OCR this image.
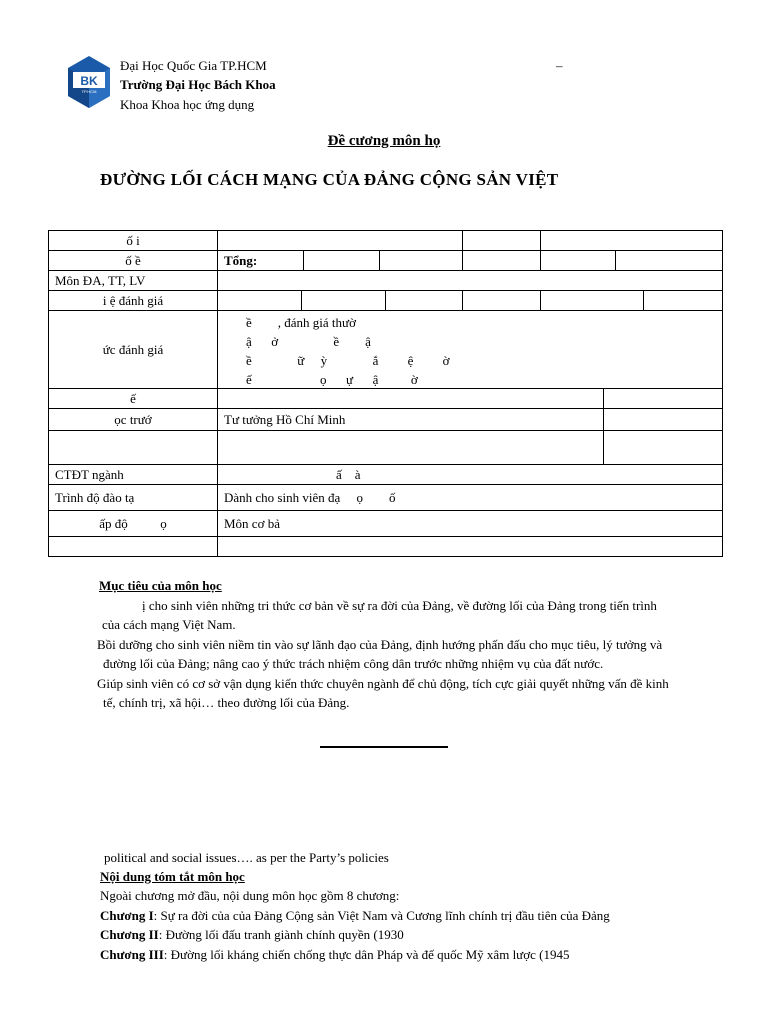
BK
TP.HCM
Đại Học Quốc Gia TP.HCM
Trường Đại Học Bách Khoa
Khoa Khoa học ứng dụng
–
Đề cương môn họ
ĐƯỜNG LỐI CÁCH MẠNG CỦA ĐẢNG CỘNG SẢN VIỆT
ố i
ố ề	Tổng:
Môn ĐA, TT, LV
i ệ đánh giá
ức đánh giá
ề        , đánh giá thườ
ậ      ở                 ề        ậ
ề              ữ     ỳ              ắ         ệ         ờ
ế                     ọ      ự      ậ          ờ
ế
ọc trướ	Tư tưởng Hồ Chí Minh
CTĐT ngành	ấ    à
Trình độ đào tạ	Dành cho sinh viên đạ     ọ        ố
ấp độ          ọ	Môn cơ bả
Mục tiêu của môn học
ị cho sinh viên những tri thức cơ bản về sự ra đời của Đảng, về đường lối của Đảng trong tiến trình
của cách mạng Việt Nam.
Bồi dưỡng cho sinh viên niềm tin vào sự lãnh đạo của Đảng, định hướng phấn đấu cho mục tiêu, lý tưởng và
đường lối của Đảng; nâng cao ý thức trách nhiệm công dân trước những nhiệm vụ của đất nước.
Giúp sinh viên có cơ sở vận dụng kiến thức chuyên ngành để chủ động, tích cực giải quyết những vấn đề kinh
tế, chính trị, xã hội… theo đường lối của Đảng.
political and social issues…. as per the Party’s policies
Nội dung tóm tắt môn học
Ngoài chương mở đầu, nội dung môn học gồm 8 chương:
Chương I: Sự ra đời của của Đảng Cộng sản Việt Nam và Cương lĩnh chính trị đầu tiên của Đảng
Chương II: Đường lối đấu tranh giành chính quyền (1930
Chương III: Đường lối kháng chiến chống thực dân Pháp và đế quốc Mỹ xâm lược (1945
